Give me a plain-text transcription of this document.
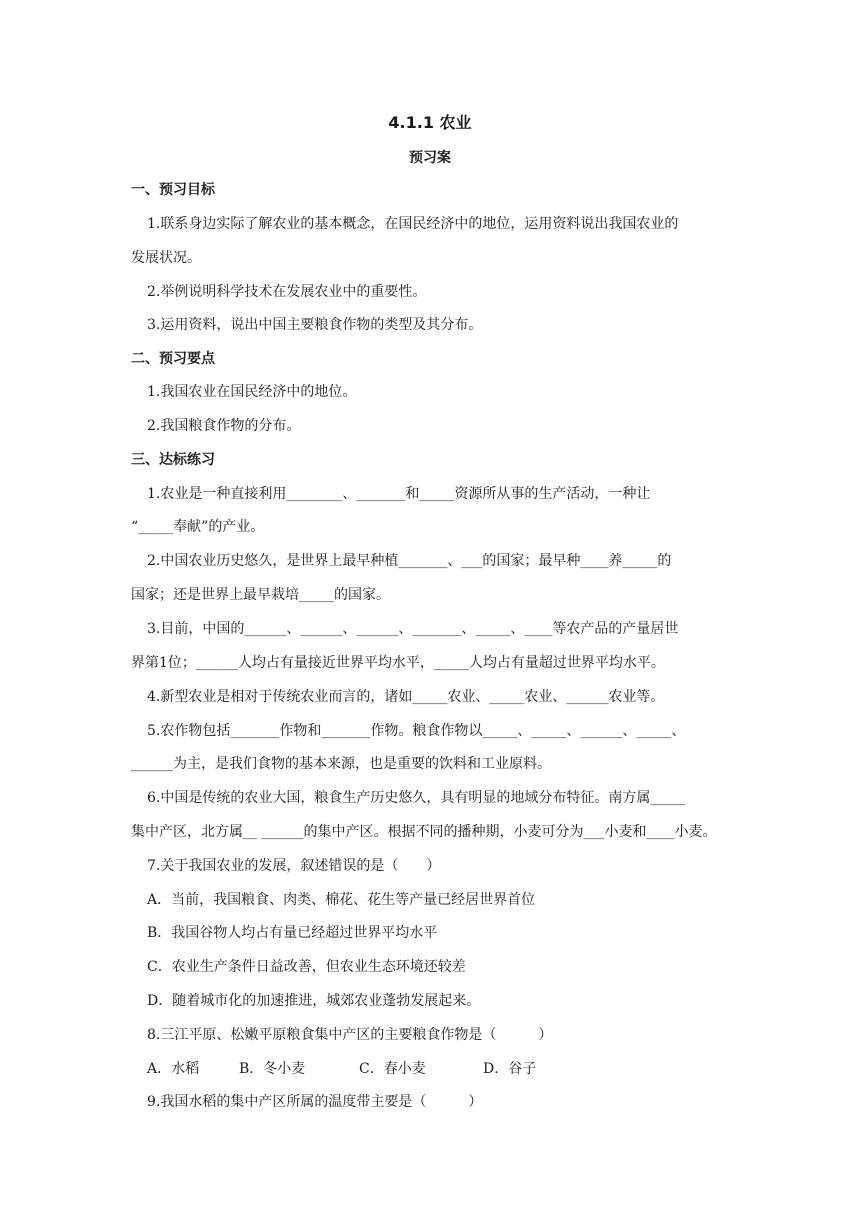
4.1.1 农业
预习案
一、预习目标
1.联系身边实际了解农业的基本概念，在国民经济中的地位，运用资料说出我国农业的
发展状况。
2.举例说明科学技术在发展农业中的重要性。
3.运用资料，说出中国主要粮食作物的类型及其分布。
二、预习要点
1.我国农业在国民经济中的地位。
2.我国粮食作物的分布。
三、达标练习
1.农业是一种直接利用________、_______和_____资源所从事的生产活动，一种让
“_____奉献”的产业。
2.中国农业历史悠久，是世界上最早种植_______、___的国家；最早种____养_____的
国家；还是世界上最早栽培_____的国家。
3.目前，中国的______、______、______、_______、_____、____等农产品的产量居世
界第1位；______人均占有量接近世界平均水平，_____人均占有量超过世界平均水平。
4.新型农业是相对于传统农业而言的，诸如_____农业、_____农业、______农业等。
5.农作物包括_______作物和_______作物。粮食作物以_____、_____、______、_____、
______为主，是我们食物的基本来源，也是重要的饮料和工业原料。
6.中国是传统的农业大国，粮食生产历史悠久，具有明显的地域分布特征。南方属_____
集中产区，北方属__ ______的集中产区。根据不同的播种期，小麦可分为___小麦和____小麦。
7.关于我国农业的发展，叙述错误的是（　　）
A．当前，我国粮食、肉类、棉花、花生等产量已经居世界首位
B．我国谷物人均占有量已经超过世界平均水平
C．农业生产条件日益改善，但农业生态环境还较差
D．随着城市化的加速推进，城郊农业蓬勃发展起来。
8.三江平原、松嫩平原粮食集中产区的主要粮食作物是（　　　）
A．水稻	B．冬小麦	C．春小麦	D．谷子
9.我国水稻的集中产区所属的温度带主要是（　　　）
